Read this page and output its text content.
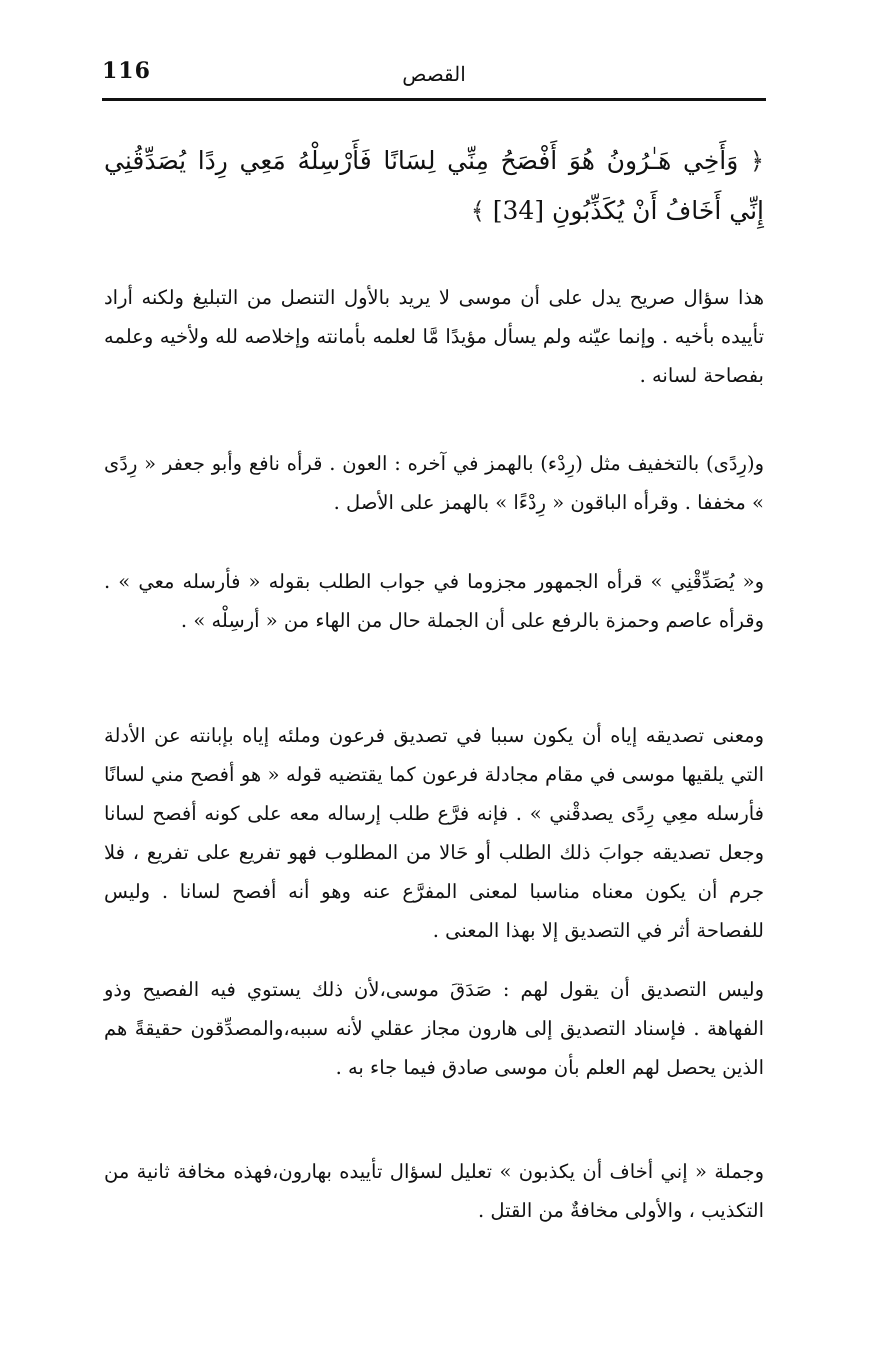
116	القصص

﴿ وَأَخِي هَـٰرُونُ هُوَ أَفْصَحُ مِنِّي لِسَانًا فَأَرْسِلْهُ مَعِي رِدًا يُصَدِّقُنِي إِنِّي أَخَافُ أَنْ يُكَذِّبُونِ [34] ﴾

هذا سؤال صريح يدل على أن موسى لا يريد بالأول التنصل من التبليغ ولكنه أراد تأييده بأخيه . وإنما عيّنه ولم يسأل مؤيدًا مَّا لعلمه بأمانته وإخلاصه لله ولأخيه وعلمه بفصاحة لسانه .

و(رِدًى) بالتخفيف مثل (رِدْء) بالهمز في آخره : العون . قرأه نافع وأبو جعفر « رِدًى » مخففا . وقرأه الباقون « رِدْءًا » بالهمز على الأصل .

و« يُصَدِّقْنِي » قرأه الجمهور مجزوما في جواب الطلب بقوله « فأرسله معي » . وقرأه عاصم وحمزة بالرفع على أن الجملة حال من الهاء من « أرسِلْه » .

ومعنى تصديقه إياه أن يكون سببا في تصديق فرعون وملئه إياه بإبانته عن الأدلة التي يلقيها موسى في مقام مجادلة فرعون كما يقتضيه قوله « هو أفصح مني لسانًا فأرسله معِي رِدًى يصدقْني » . فإنه فرَّع طلب إرساله معه على كونه أفصح لسانا وجعل تصديقه جوابَ ذلك الطلب أو حَالا من المطلوب فهو تفريع على تفريع ، فلا جرم أن يكون معناه مناسبا لمعنى المفرَّع عنه وهو أنه أفصح لسانا . وليس للفصاحة أثر في التصديق إلا بهذا المعنى .

وليس التصديق أن يقول لهم : صَدَقَ موسى،لأن ذلك يستوي فيه الفصيح وذو الفهاهة . فإسناد التصديق إلى هارون مجاز عقلي لأنه سببه،والمصدِّقون حقيقةً هم الذين يحصل لهم العلم بأن موسى صادق فيما جاء به .

وجملة « إني أخاف أن يكذبون » تعليل لسؤال تأييده بهارون،فهذه مخافة ثانية من التكذيب ، والأولى مخافةٌ من القتل .
